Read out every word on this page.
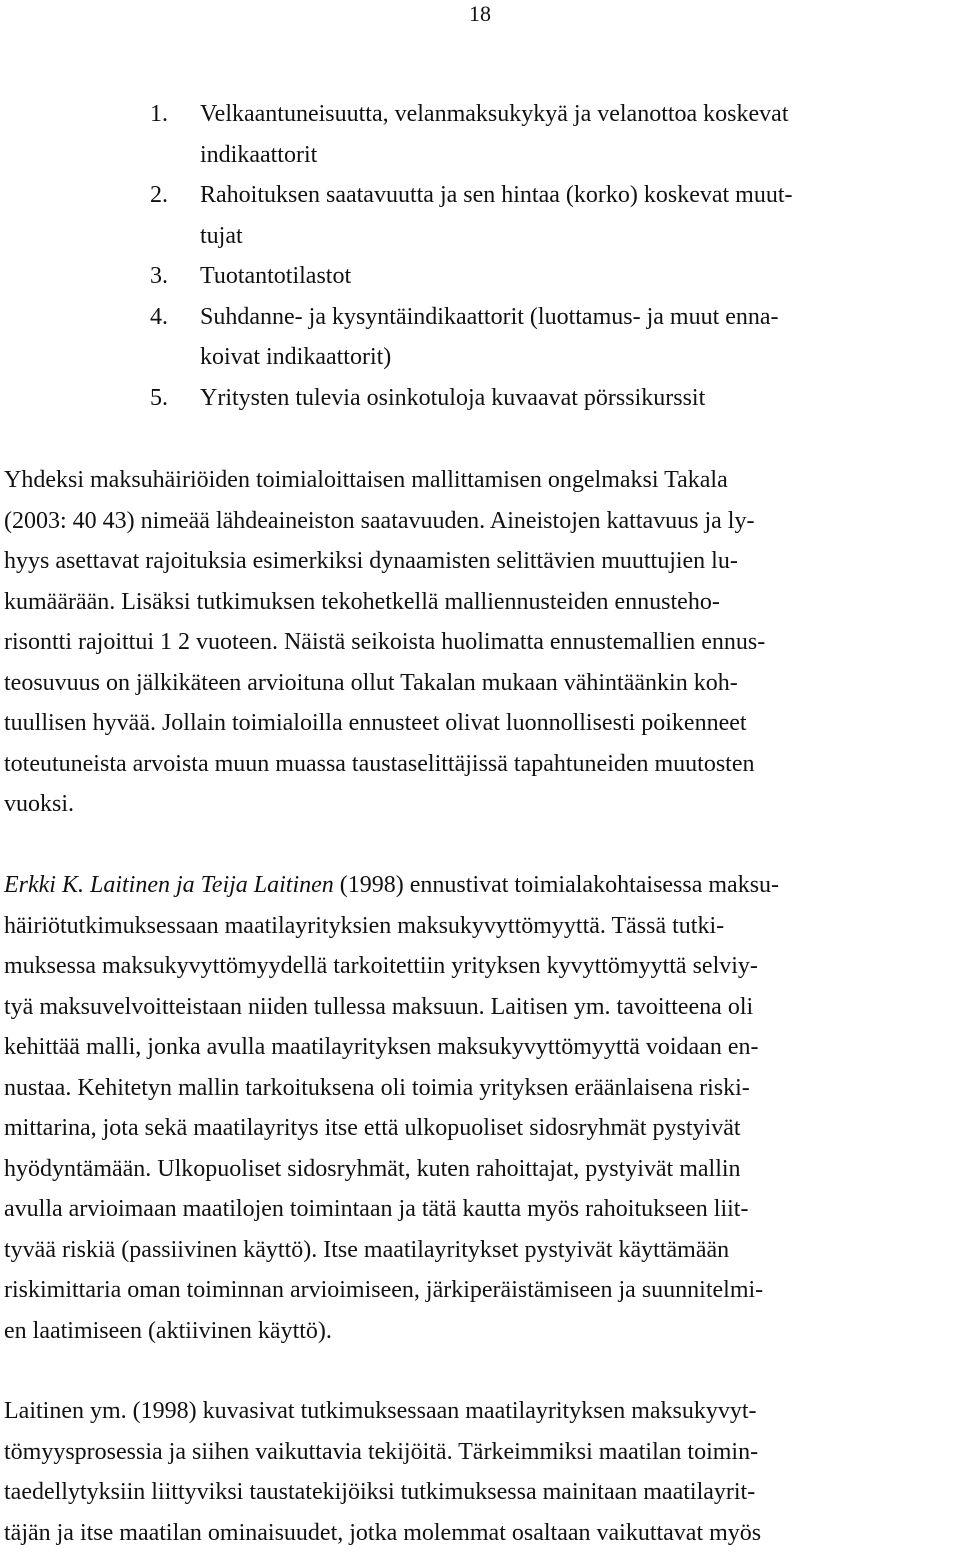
18
1.	Velkaantuneisuutta, velanmaksukykyä ja velanottoa koskevat
indikaattorit
2.	Rahoituksen saatavuutta ja sen hintaa (korko) koskevat muut-
tujat
3.	Tuotantotilastot
4.	Suhdanne- ja kysyntäindikaattorit (luottamus- ja muut enna-
koivat indikaattorit)
5.	Yritysten tulevia osinkotuloja kuvaavat pörssikurssit

Yhdeksi maksuhäiriöiden toimialoittaisen mallittamisen ongelmaksi Takala
(2003: 40 43) nimeää lähdeaineiston saatavuuden. Aineistojen kattavuus ja ly-
hyys asettavat rajoituksia esimerkiksi dynaamisten selittävien muuttujien lu-
kumäärään. Lisäksi tutkimuksen tekohetkellä malliennusteiden ennustehо-
risontti rajoittui 1 2 vuoteen. Näistä seikoista huolimatta ennustemallien ennus-
teosuvuus on jälkikäteen arvioituna ollut Takalan mukaan vähintäänkin koh-
tuullisen hyvää. Jollain toimialoilla ennusteet olivat luonnollisesti poikenneet
toteutuneista arvoista muun muassa taustaselittäjissä tapahtuneiden muutosten
vuoksi.

Erkki K. Laitinen ja Teija Laitinen (1998) ennustivat toimialakohtaisessa maksu-
häiriötutkimuksessaan maatilayrityksien maksukyvyttömyyttä. Tässä tutki-
muksessa maksukyvyttömyydellä tarkoitettiin yrityksen kyvyttömyyttä selviy-
tyä maksuvelvoitteistaan niiden tullessa maksuun. Laitisen ym. tavoitteena oli
kehittää malli, jonka avulla maatilayrityksen maksukyvyttömyyttä voidaan en-
nustaa. Kehitetyn mallin tarkoituksena oli toimia yrityksen eräänlaisena riski-
mittarina, jota sekä maatilayritys itse että ulkopuoliset sidosryhmät pystyivät
hyödyntämään. Ulkopuoliset sidosryhmät, kuten rahoittajat, pystyivät mallin
avulla arvioimaan maatilojen toimintaan ja tätä kautta myös rahoitukseen liit-
tyvää riskiä (passiivinen käyttö). Itse maatilayritykset pystyivät käyttämään
riskimittaria oman toiminnan arvioimiseen, järkiperäistämiseen ja suunnitelmi-
en laatimiseen (aktiivinen käyttö).

Laitinen ym. (1998) kuvasivat tutkimuksessaan maatilayrityksen maksukyvyt-
tömyysprosessia ja siihen vaikuttavia tekijöitä. Tärkeimmiksi maatilan toimin-
taedellytyksiin liittyviksi taustatekijöiksi tutkimuksessa mainitaan maatilayrit-
täjän ja itse maatilan ominaisuudet, jotka molemmat osaltaan vaikuttavat myös
